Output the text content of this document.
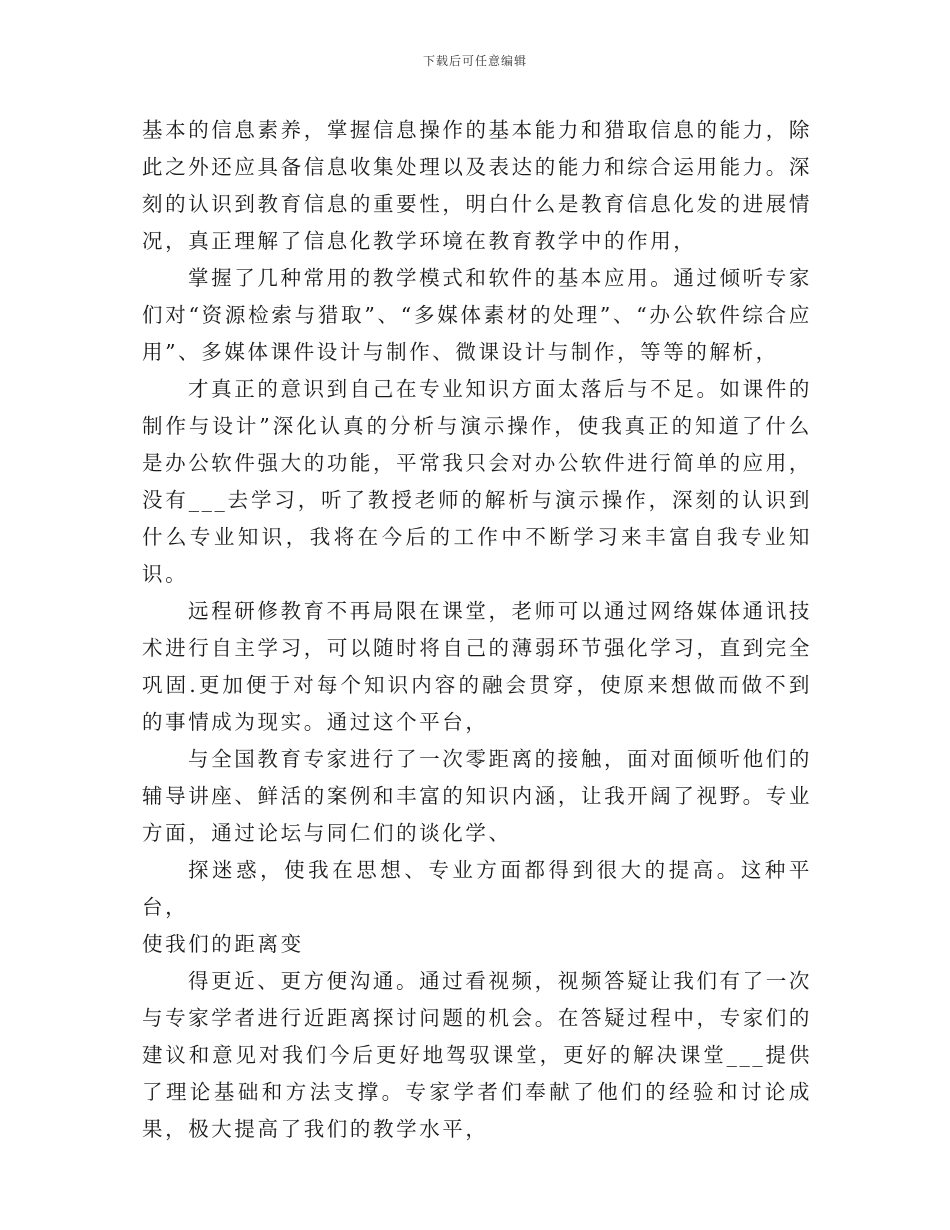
下载后可任意编辑

基本的信息素养，掌握信息操作的基本能力和猎取信息的能力，除此之外还应具备信息收集处理以及表达的能力和综合运用能力。深刻的认识到教育信息的重要性，明白什么是教育信息化发的进展情况，真正理解了信息化教学环境在教育教学中的作用，

掌握了几种常用的教学模式和软件的基本应用。通过倾听专家们对“资源检索与猎取”、“多媒体素材的处理”、“办公软件综合应用”、多媒体课件设计与制作、微课设计与制作，等等的解析，

才真正的意识到自己在专业知识方面太落后与不足。如课件的制作与设计”深化认真的分析与演示操作，使我真正的知道了什么是办公软件强大的功能，平常我只会对办公软件进行简单的应用，没有___去学习，听了教授老师的解析与演示操作，深刻的认识到什么专业知识，我将在今后的工作中不断学习来丰富自我专业知识。

远程研修教育不再局限在课堂，老师可以通过网络媒体通讯技术进行自主学习，可以随时将自己的薄弱环节强化学习，直到完全巩固.更加便于对每个知识内容的融会贯穿，使原来想做而做不到的事情成为现实。通过这个平台，

与全国教育专家进行了一次零距离的接触，面对面倾听他们的辅导讲座、鲜活的案例和丰富的知识内涵，让我开阔了视野。专业方面，通过论坛与同仁们的谈化学、

探迷惑，使我在思想、专业方面都得到很大的提高。这种平台，

使我们的距离变

得更近、更方便沟通。通过看视频，视频答疑让我们有了一次与专家学者进行近距离探讨问题的机会。在答疑过程中，专家们的建议和意见对我们今后更好地驾驭课堂，更好的解决课堂___提供了理论基础和方法支撑。专家学者们奉献了他们的经验和讨论成果，极大提高了我们的教学水平，
